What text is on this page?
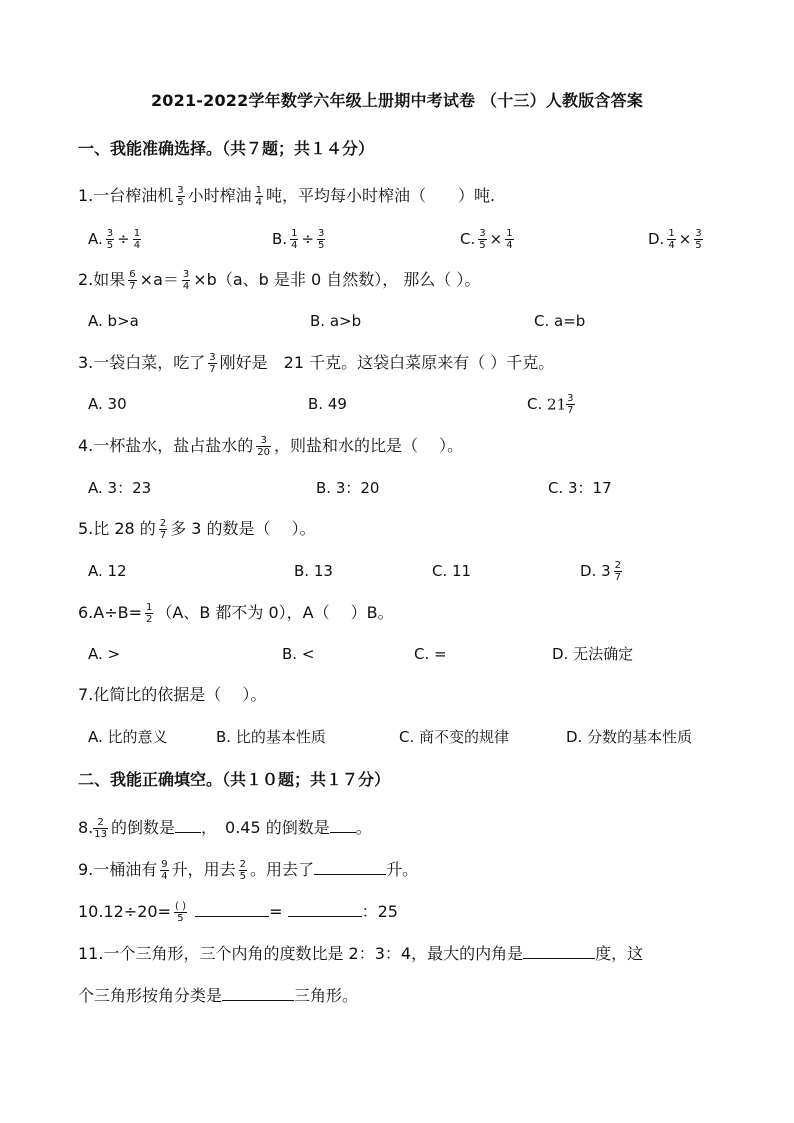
2021-2022学年数学六年级上册期中考试卷 （十三）人教版含答案
一、我能准确选择。（共７题；共１４分）
1.一台榨油机 $\frac{3}{5}$ 小时榨油 $\frac{1}{4}$ 吨，平均每小时榨油（　　）吨.
A. $\frac{3}{5} \div \frac{1}{4}$	B. $\frac{1}{4} \div \frac{3}{5}$	C. $\frac{3}{5} \times \frac{1}{4}$	D. $\frac{1}{4} \times \frac{3}{5}$
2.如果 $\frac{6}{7} \times a= \frac{3}{4} \times b(a$、b 是非 0 自然数）， 那么（ ）。
A. b>a	B. a>b	C. a=b
3.一袋白菜，吃了 $\frac{3}{7}$ 刚好是　21 千克。这袋白菜原来有（ ）千克。
A. 30	B. 49	C. $21 \frac{3}{7}$
4.一杯盐水，盐占盐水的 $\frac{3}{20}$ ，则盐和水的比是（　 ）。
A. 3：23	B. 3：20	C. 3：17
5.比 28 的 $\frac{2}{7}$ 多 3 的数是（　 ）。
A. 12	B. 13	C. 11	D. $3 \frac{2}{7}$
$6.A\div B= \frac{1}{2} (A$、B 都不为 0），A（　 ）B。
A. >	B. <	C. =	D. 无法确定
7.化简比的依据是（　 ）。
A. 比的意义	B. 比的基本性质	C. 商不变的规律	D. 分数的基本性质
二、我能正确填空。（共１０题；共１７分）
8. $\frac{2}{13}$ 的倒数是 ，　0.45 的倒数是 。
9.一桶油有 $\frac{9}{4}$ 升，用去 $\frac{2}{5}$ 。用去了	升。
$10.12\div 20= \frac{( )}{5}$	=	：25
11.一个三角形，三个内角的度数比是 2：3：4，最大的内角是	度，这
个三角形按角分类是	三角形。
